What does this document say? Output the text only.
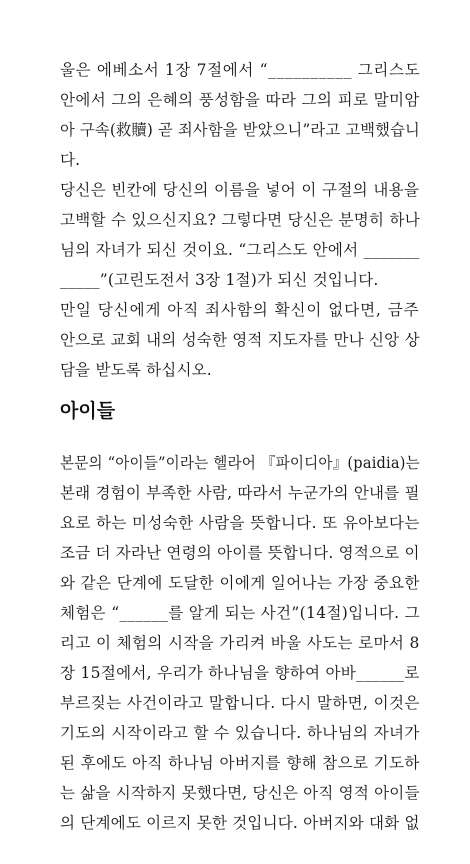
울은 에베소서 1장 7절에서 “__________ 그리스도
안에서 그의 은혜의 풍성함을 따라 그의 피로 말미암
아 구속(救贖) 곧 죄사함을 받았으니”라고 고백했습니
다.
당신은 빈칸에 당신의 이름을 넣어 이 구절의 내용을
고백할 수 있으신지요? 그렇다면 당신은 분명히 하나
님의 자녀가 되신 것이요. “그리스도 안에서 _______
_____”(고린도전서 3장 1절)가 되신 것입니다.
만일 당신에게 아직 죄사함의 확신이 없다면, 금주
안으로 교회 내의 성숙한 영적 지도자를 만나 신앙 상
담을 받도록 하십시오.
아이들
본문의 “아이들”이라는 헬라어 『파이디아』(paidia)는
본래 경험이 부족한 사람, 따라서 누군가의 안내를 필
요로 하는 미성숙한 사람을 뜻합니다. 또 유아보다는
조금 더 자라난 연령의 아이를 뜻합니다. 영적으로 이
와 같은 단계에 도달한 이에게 일어나는 가장 중요한
체험은 “______를 알게 되는 사건”(14절)입니다. 그
리고 이 체험의 시작을 가리켜 바울 사도는 로마서 8
장 15절에서, 우리가 하나님을 향하여 아바______로
부르짖는 사건이라고 말합니다. 다시 말하면, 이것은
기도의 시작이라고 할 수 있습니다. 하나님의 자녀가
된 후에도 아직 하나님 아버지를 향해 참으로 기도하
는 삶을 시작하지 못했다면, 당신은 아직 영적 아이들
의 단계에도 이르지 못한 것입니다. 아버지와 대화 없
